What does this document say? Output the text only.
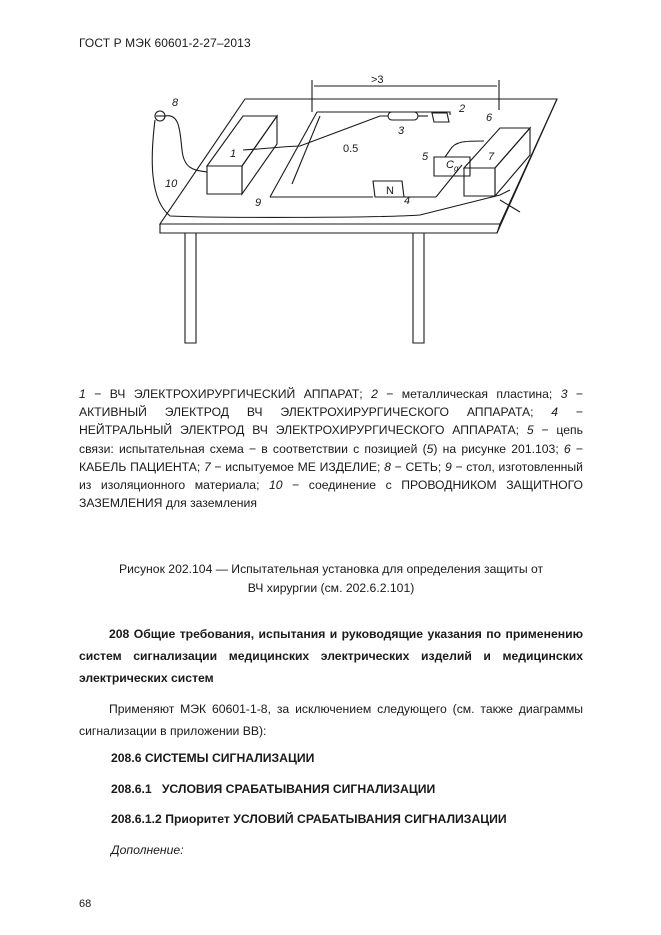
ГОСТ Р МЭК 60601-2-27–2013
8
10
1
9
0.5
3
2
6
5
C g
7
N
4
>3
1 − ВЧ ЭЛЕКТРОХИРУРГИЧЕСКИЙ АППАРАТ; 2 − металлическая пластина; 3 − АКТИВНЫЙ ЭЛЕКТРОД ВЧ ЭЛЕКТРОХИРУРГИЧЕСКОГО АППАРАТА; 4 − НЕЙТРАЛЬНЫЙ ЭЛЕКТРОД ВЧ ЭЛЕКТРОХИРУРГИЧЕСКОГО АППАРАТА; 5 − цепь связи: испытательная схема − в соответствии с позицией (5) на рисунке 201.103; 6 − КАБЕЛЬ ПАЦИЕНТА; 7 − испытуемое МЕ ИЗДЕЛИЕ; 8 − СЕТЬ; 9 − стол, изготовленный из изоляционного материала; 10 − соединение с ПРОВОДНИКОМ ЗАЩИТНОГО ЗАЗЕМЛЕНИЯ для заземления
Рисунок 202.104 — Испытательная установка для определения защиты от
ВЧ хирургии (см. 202.6.2.101)
208 Общие требования, испытания и руководящие указания по применению систем сигнализации медицинских электрических изделий и медицинских электрических систем
Применяют МЭК 60601-1-8, за исключением следующего (см. также диаграммы сигнализации в приложении ВВ):
208.6 СИСТЕМЫ СИГНАЛИЗАЦИИ
208.6.1   УСЛОВИЯ СРАБАТЫВАНИЯ СИГНАЛИЗАЦИИ
208.6.1.2 Приоритет УСЛОВИЙ СРАБАТЫВАНИЯ СИГНАЛИЗАЦИИ
Дополнение:
68
